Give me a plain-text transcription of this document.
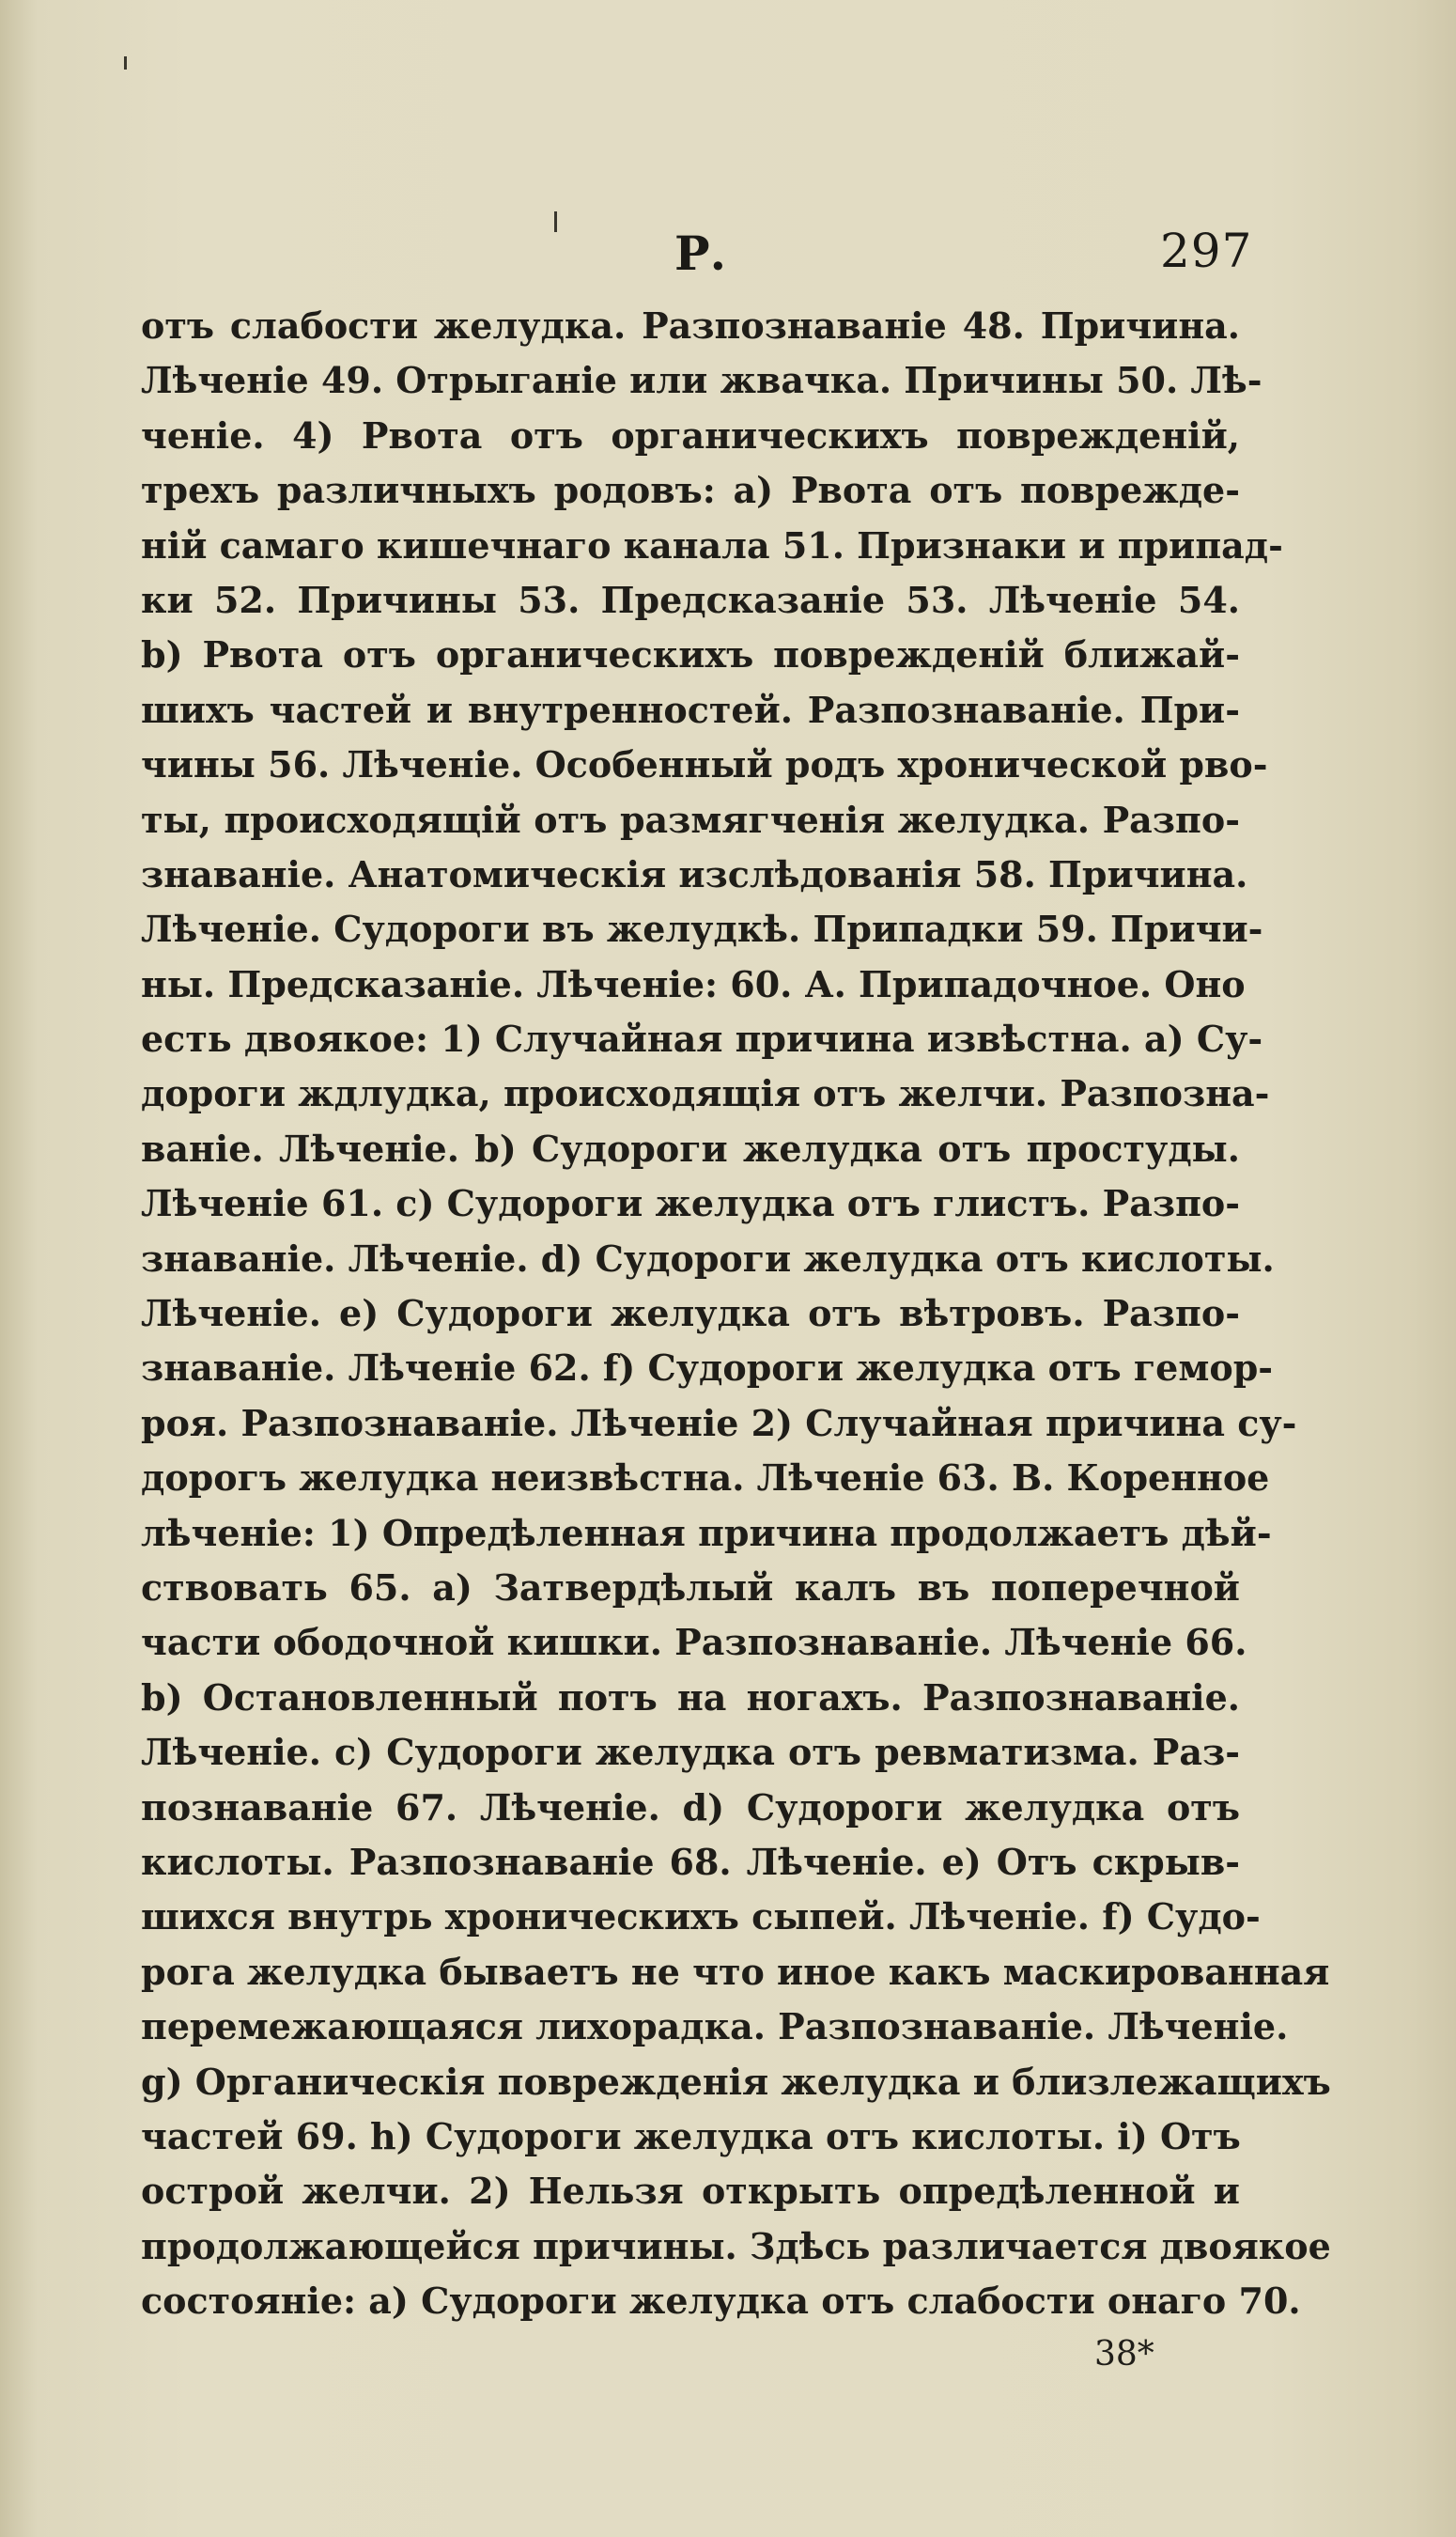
Р.	297
отъ слабости желудка. Разпознаваніе 48. Причина.
Лѣченіе 49. Отрыганіе или жвачка. Причины 50. Лѣ-
ченіе. 4) Рвота отъ органическихъ поврежденій,
трехъ различныхъ родовъ: а) Рвота отъ поврежде-
ній самаго кишечнаго канала 51. Признаки и припад-
ки 52. Причины 53. Предсказаніе 53. Лѣченіе 54.
b) Рвота отъ органическихъ поврежденій ближай-
шихъ частей и внутренностей. Разпознаваніе. При-
чины 56. Лѣченіе. Особенный родъ хронической рво-
ты, происходящій отъ размягченія желудка. Разпо-
знаваніе. Анатомическія изслѣдованія 58. Причина.
Лѣченіе. Судороги въ желудкѣ. Припадки 59. Причи-
ны. Предсказаніе. Лѣченіе: 60. А. Припадочное. Оно
есть двоякое: 1) Случайная причина извѣстна. а) Су-
дороги ждлудка, происходящія отъ желчи. Разпозна-
ваніе. Лѣченіе. b) Судороги желудка отъ простуды.
Лѣченіе 61. c) Судороги желудка отъ глистъ. Разпо-
знаваніе. Лѣченіе. d) Судороги желудка отъ кислоты.
Лѣченіе. е) Судороги желудка отъ вѣтровъ. Разпо-
знаваніе. Лѣченіе 62. f) Судороги желудка отъ гемор-
роя. Разпознаваніе. Лѣченіе 2) Случайная причина су-
дорогъ желудка неизвѣстна. Лѣченіе 63. В. Коренное
лѣченіе: 1) Опредѣленная причина продолжаетъ дѣй-
ствовать 65. а) Затвердѣлый калъ въ поперечной
части ободочной кишки. Разпознаваніе. Лѣченіе 66.
b) Остановленный потъ на ногахъ. Разпознаваніе.
Лѣченіе. с) Судороги желудка отъ ревматизма. Раз-
познаваніе 67. Лѣченіе. d) Судороги желудка отъ
кислоты. Разпознаваніе 68. Лѣченіе. е) Отъ скрыв-
шихся внутрь хроническихъ сыпей. Лѣченіе. f) Судо-
рога желудка бываетъ не что иное какъ маскированная
перемежающаяся лихорадка. Разпознаваніе. Лѣченіе.
g) Органическія поврежденія желудка и близлежащихъ
частей 69. h) Судороги желудка отъ кислоты. i) Отъ
острой желчи. 2) Нельзя открыть опредѣленной и
продолжающейся причины. Здѣсь различается двоякое
состояніе: а) Судороги желудка отъ слабости онаго 70.
38*
